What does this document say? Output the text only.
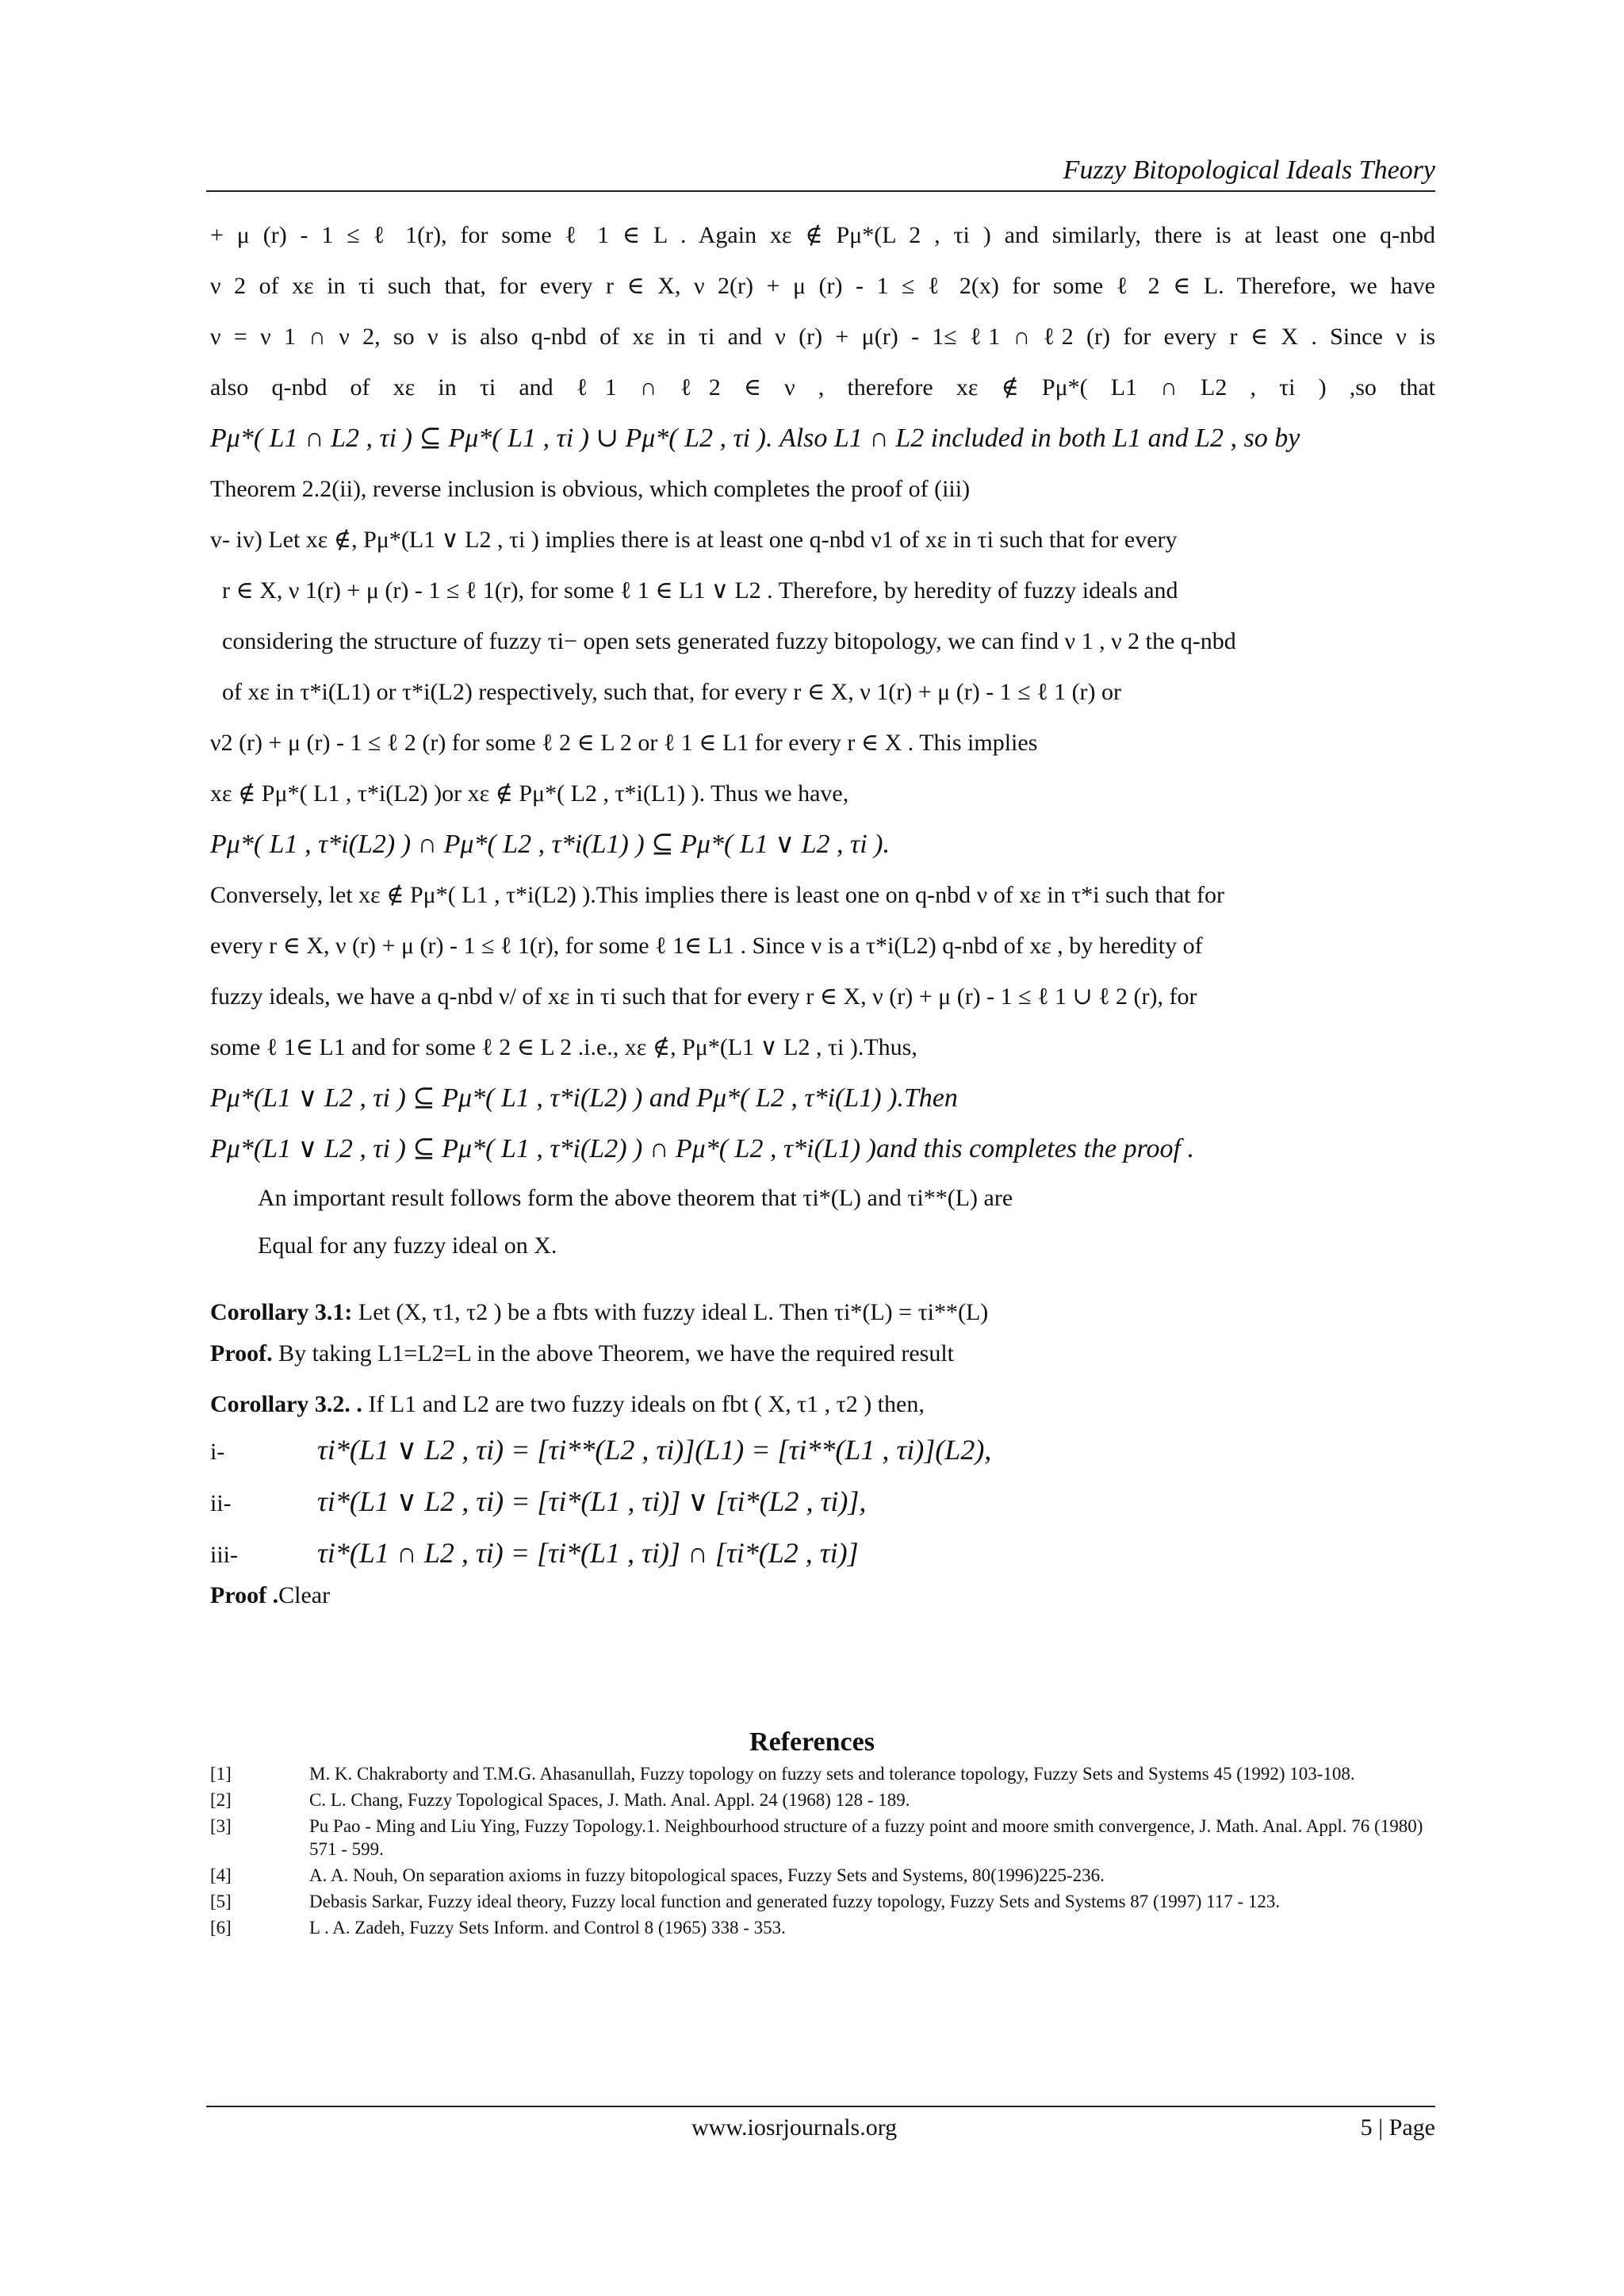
Fuzzy Bitopological Ideals Theory

+ μ (r) - 1 ≤ ℓ 1(r), for some ℓ 1 ∈ L . Again xε ∉ Pμ*(L 2 , τi ) and similarly, there is at least one q-nbd

ν 2 of xε in τi such that, for every r ∈ X, ν 2(r) + μ (r) - 1 ≤ ℓ 2(x) for some ℓ 2 ∈ L. Therefore, we have

ν = ν 1 ∩ ν 2, so ν is also q-nbd of xε in τi and ν (r) + μ(r) - 1≤ ℓ1 ∩ ℓ2 (r) for every r ∈ X . Since ν is

also q-nbd of xε in τi and ℓ1 ∩ ℓ2 ∈ ν , therefore xε ∉ Pμ*( L1 ∩ L2 , τi ) ,so that

Pμ*( L1 ∩ L2 , τi ) ⊆ Pμ*( L1 , τi ) ∪ Pμ*( L2 , τi ). Also L1 ∩ L2 included in both L1 and L2 , so by

Theorem 2.2(ii), reverse inclusion is obvious, which completes the proof of (iii)

v- iv) Let xε ∉, Pμ*(L1 ∨ L2 , τi ) implies there is at least one q-nbd ν1 of xε in τi such that for every

r ∈ X, ν 1(r) + μ (r) - 1 ≤ ℓ 1(r), for some ℓ 1 ∈ L1 ∨ L2 . Therefore, by heredity of fuzzy ideals and

considering the structure of fuzzy τi− open sets generated fuzzy bitopology, we can find ν 1 , ν 2 the q-nbd

of xε in τ*i(L1) or τ*i(L2) respectively, such that, for every r ∈ X, ν 1(r) + μ (r) - 1 ≤ ℓ 1 (r) or

ν2 (r) + μ (r) - 1 ≤ ℓ 2 (r) for some ℓ 2 ∈ L 2 or ℓ 1 ∈ L1 for every r ∈ X . This implies

xε ∉ Pμ*( L1 , τ*i(L2) )or xε ∉ Pμ*( L2 , τ*i(L1) ). Thus we have,

Pμ*( L1 , τ*i(L2) ) ∩ Pμ*( L2 , τ*i(L1) ) ⊆ Pμ*( L1 ∨ L2 , τi ).

Conversely, let xε ∉ Pμ*( L1 , τ*i(L2) ).This implies there is least one on q-nbd ν of xε in τ*i such that for

every r ∈ X, ν (r) + μ (r) - 1 ≤ ℓ 1(r), for some ℓ 1∈ L1 . Since ν is a τ*i(L2) q-nbd of xε , by heredity of

fuzzy ideals, we have a q-nbd ν/ of xε in τi such that for every r ∈ X, ν (r) + μ (r) - 1 ≤ ℓ 1 ∪ ℓ 2 (r), for

some ℓ 1∈ L1 and for some ℓ 2 ∈ L 2 .i.e., xε ∉, Pμ*(L1 ∨ L2 , τi ).Thus,

Pμ*(L1 ∨ L2 , τi ) ⊆ Pμ*( L1 , τ*i(L2) ) and Pμ*( L2 , τ*i(L1) ).Then

Pμ*(L1 ∨ L2 , τi ) ⊆ Pμ*( L1 , τ*i(L2) ) ∩ Pμ*( L2 , τ*i(L1) )and this completes the proof .

An important result follows form the above theorem that τi*(L) and τi**(L) are

Equal for any fuzzy ideal on X.

Corollary 3.1: Let (X, τ1, τ2 ) be a fbts with fuzzy ideal L. Then τi*(L) = τi**(L)

Proof. By taking L1=L2=L in the above Theorem, we have the required result

Corollary 3.2. . If L1 and L2 are two fuzzy ideals on fbt ( X, τ1 , τ2 ) then,

i-	τi*(L1 ∨ L2 , τi) = [τi**(L2 , τi)](L1) = [τi**(L1 , τi)](L2),

ii-	τi*(L1 ∨ L2 , τi) = [τi*(L1 , τi)] ∨ [τi*(L2 , τi)],

iii-	τi*(L1 ∩ L2 , τi) = [τi*(L1 , τi)] ∩ [τi*(L2 , τi)]

Proof .Clear

References
[1]	M. K. Chakraborty and T.M.G. Ahasanullah, Fuzzy topology on fuzzy sets and tolerance topology, Fuzzy Sets and Systems 45 (1992) 103-108.
[2]	C. L. Chang, Fuzzy Topological Spaces, J. Math. Anal. Appl. 24 (1968) 128 - 189.
[3]	Pu Pao - Ming and Liu Ying, Fuzzy Topology.1. Neighbourhood structure of a fuzzy point and moore smith convergence, J. Math. Anal. Appl. 76 (1980) 571 - 599.
[4]	A. A. Nouh, On separation axioms in fuzzy bitopological spaces, Fuzzy Sets and Systems, 80(1996)225-236.
[5]	Debasis Sarkar, Fuzzy ideal theory, Fuzzy local function and generated fuzzy topology, Fuzzy Sets and Systems 87 (1997) 117 - 123.
[6]	L . A. Zadeh, Fuzzy Sets Inform. and Control 8 (1965) 338 - 353.
www.iosrjournals.org	5 | Page
